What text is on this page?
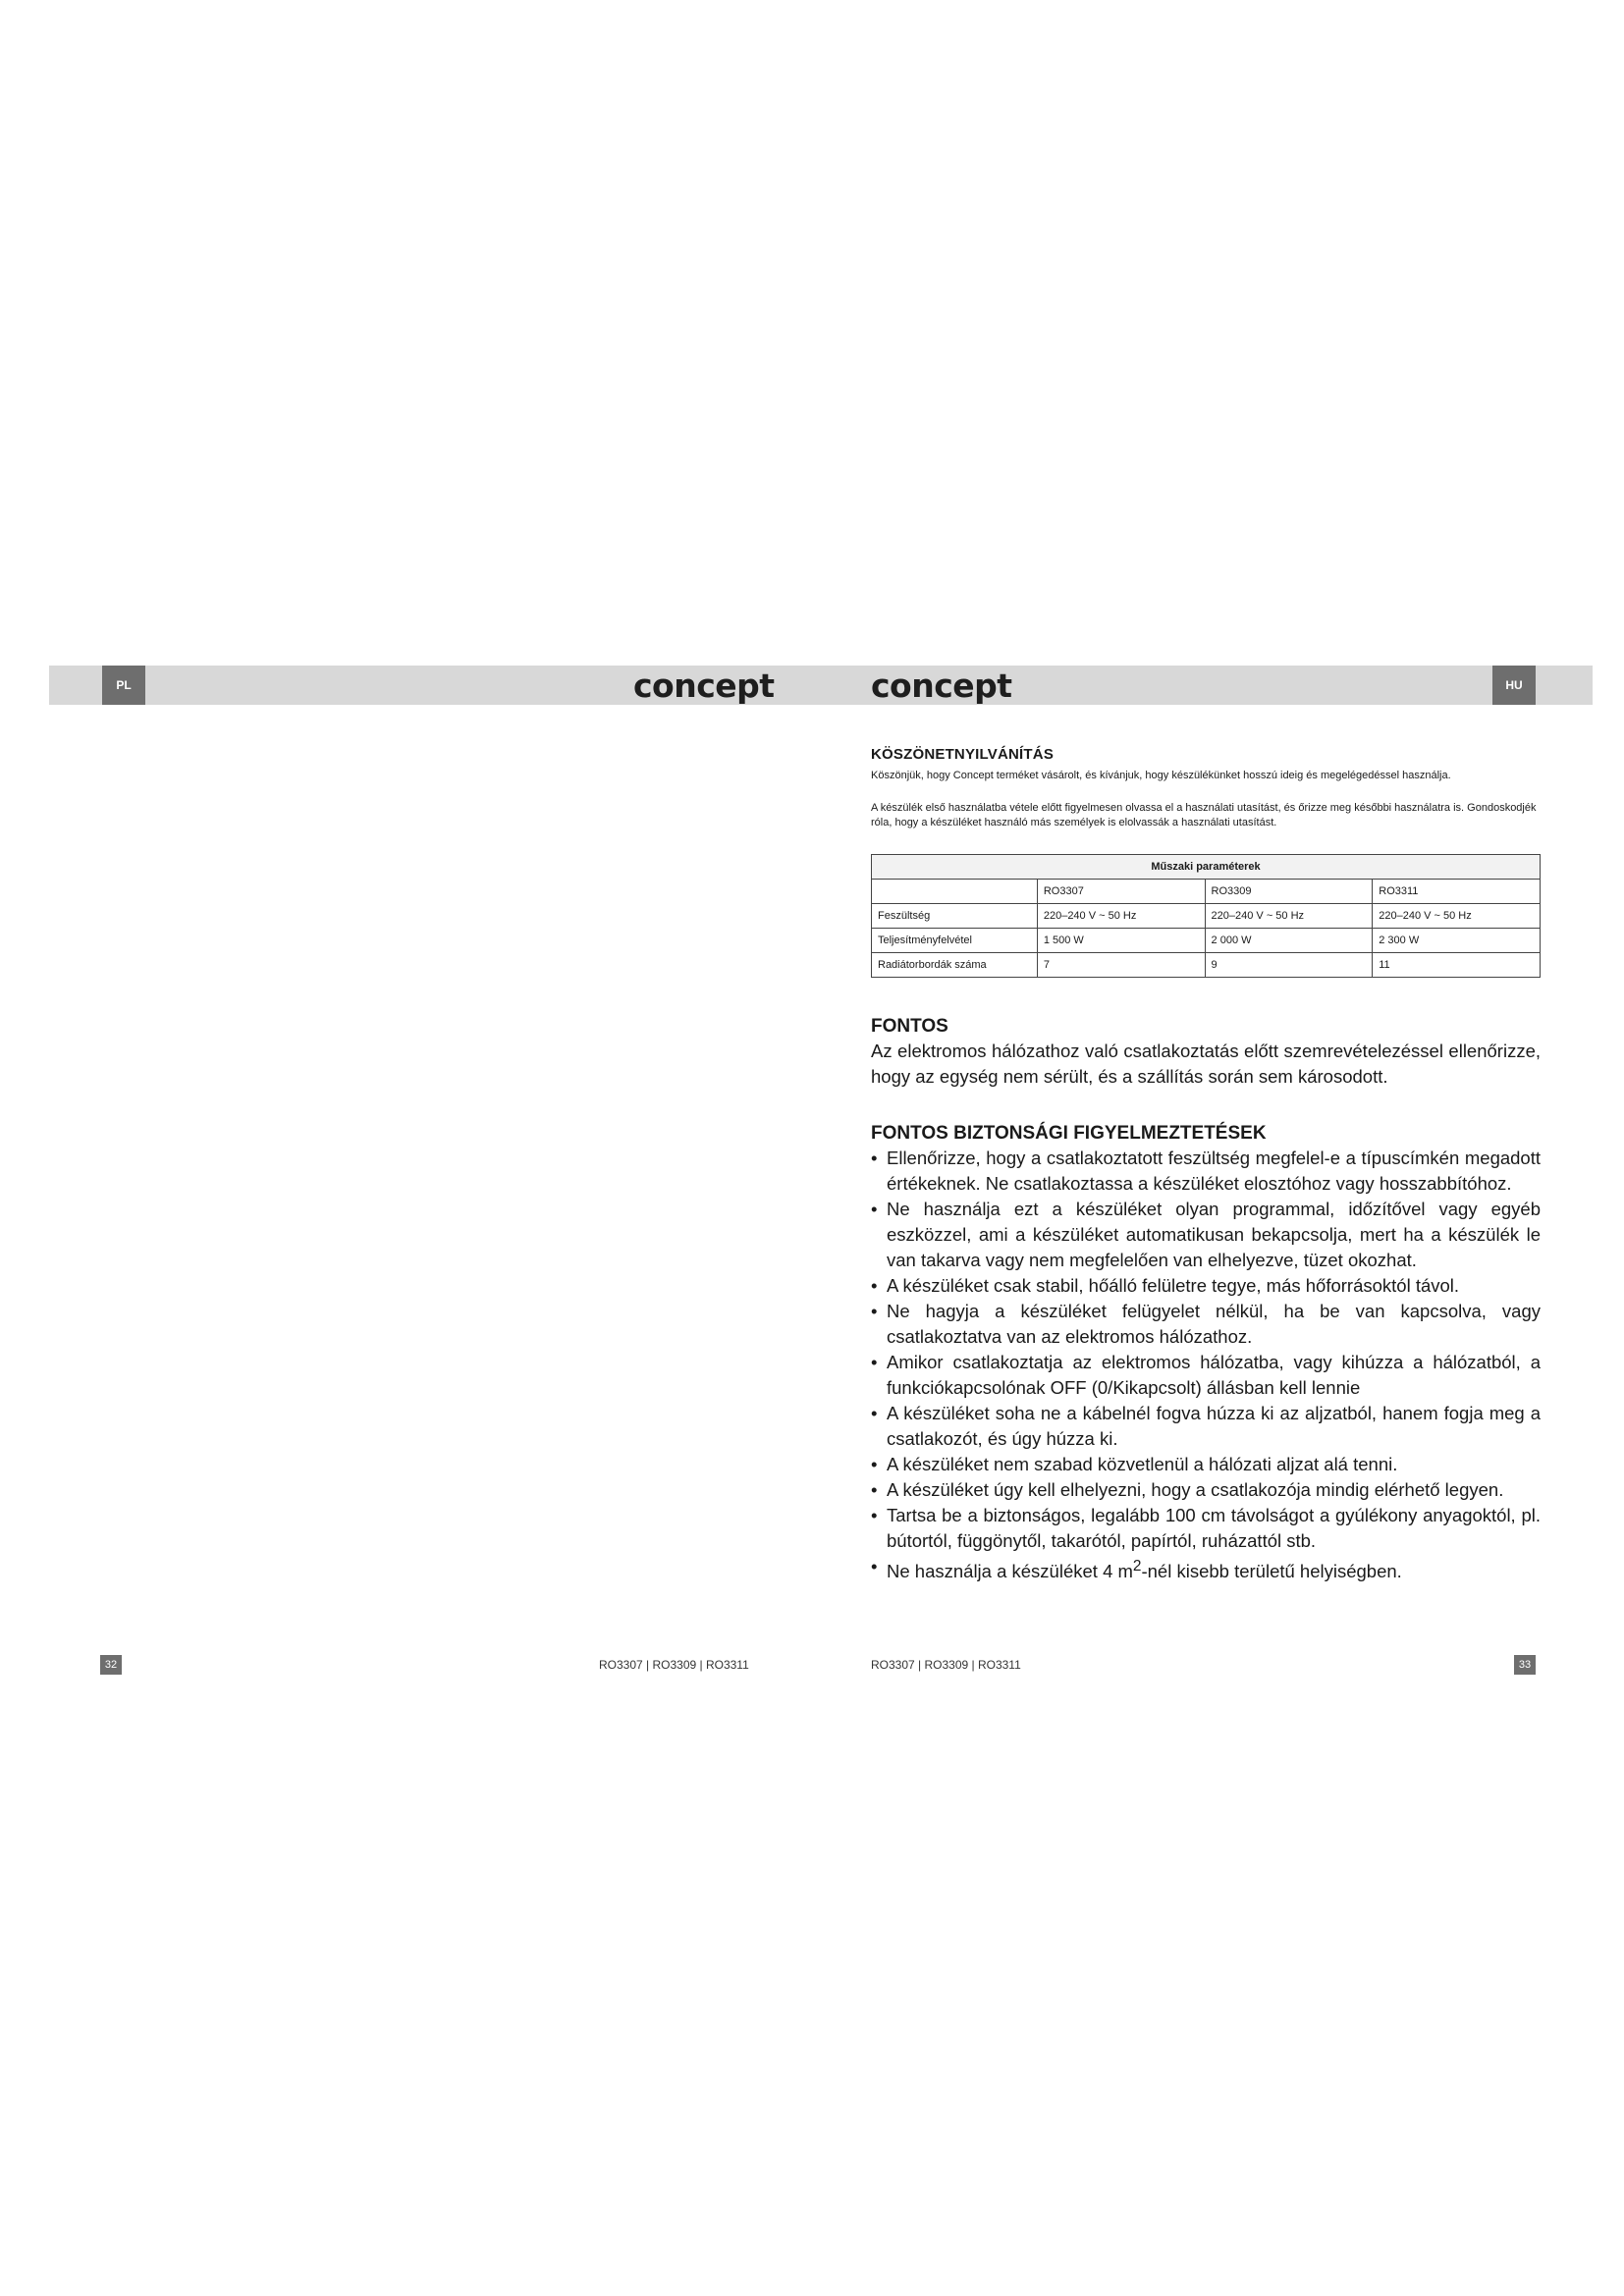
PL	HU
concept	concept
KÖSZÖNETNYILVÁNÍTÁS

Köszönjük, hogy Concept terméket vásárolt, és kívánjuk, hogy készülékünket hosszú ideig és megelégedéssel használja.

A készülék első használatba vétele előtt figyelmesen olvassa el a használati utasítást, és őrizze meg későbbi használatra is. Gondoskodjék róla, hogy a készüléket használó más személyek is elolvassák a használati utasítást.

Műszaki paraméterek			
	RO3307	RO3309	RO3311
Feszültség	220–240 V ~ 50 Hz	220–240 V ~ 50 Hz	220–240 V ~ 50 Hz
Teljesítményfelvétel	1 500 W	2 000 W	2 300 W
Radiátorbordák száma	7	9	11
FONTOS

Az elektromos hálózathoz való csatlakoztatás előtt szemrevételezéssel ellenőrizze, hogy az egység nem sérült, és a szállítás során sem károsodott.

FONTOS BIZTONSÁGI FIGYELMEZTETÉSEK
• Ellenőrizze, hogy a csatlakoztatott feszültség megfelel-e a típuscímkén megadott értékeknek. Ne csatlakoztassa a készüléket elosztóhoz vagy hosszabbítóhoz.
• Ne használja ezt a készüléket olyan programmal, időzítővel vagy egyéb eszközzel, ami a készüléket automatikusan bekapcsolja, mert ha a készülék le van takarva vagy nem megfelelően van elhelyezve, tüzet okozhat.
• A készüléket csak stabil, hőálló felületre tegye, más hőforrásoktól távol.
• Ne hagyja a készüléket felügyelet nélkül, ha be van kapcsolva, vagy csatlakoztatva van az elektromos hálózathoz.
• Amikor csatlakoztatja az elektromos hálózatba, vagy kihúzza a hálózatból, a funkciókapcsolónak OFF (0/Kikapcsolt) állásban kell lennie
• A készüléket soha ne a kábelnél fogva húzza ki az aljzatból, hanem fogja meg a csatlakozót, és úgy húzza ki.
• A készüléket nem szabad közvetlenül a hálózati aljzat alá tenni.
• A készüléket úgy kell elhelyezni, hogy a csatlakozója mindig elérhető legyen.
• Tartsa be a biztonságos, legalább 100 cm távolságot a gyúlékony anyagoktól, pl. bútortól, függönytől, takarótól, papírtól, ruházattól stb.
• Ne használja a készüléket 4 $m^2$-nél kisebb területű helyiségben.
32	RO3307 | RO3309 | RO3311	RO3307 | RO3309 | RO3311	33
